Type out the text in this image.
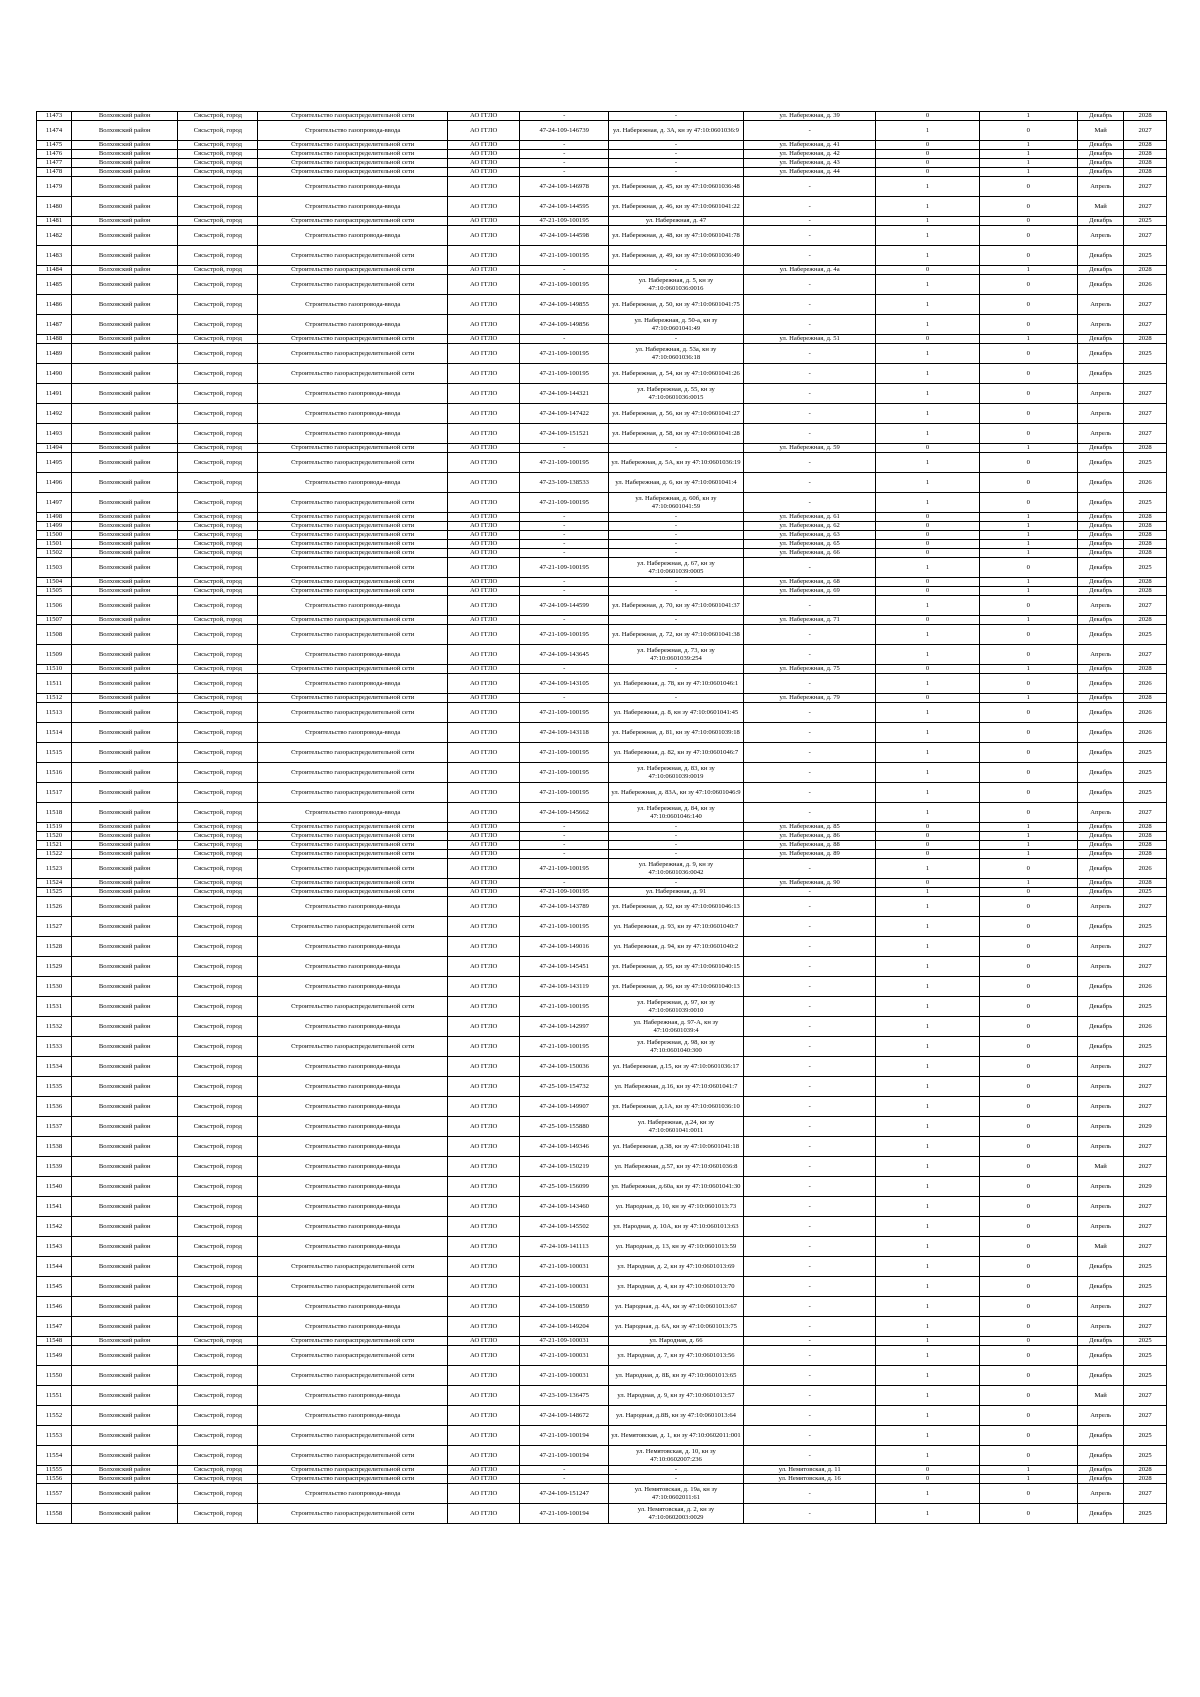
11473	Волховский район	Сясьстрой, город	Строительство газораспределительной сети	АО ГГЛО	-	-	ул. Набережная, д. 39	0	1	Декабрь	2028
11474	Волховский район	Сясьстрой, город	Строительство газопровода-ввода	АО ГГЛО	47-24-109-146739	ул. Набережная, д. 3А, кн зу 47:10:0601036:9	-	1	0	Май	2027
11475	Волховский район	Сясьстрой, город	Строительство газораспределительной сети	АО ГГЛО	-	-	ул. Набережная, д. 41	0	1	Декабрь	2028
11476	Волховский район	Сясьстрой, город	Строительство газораспределительной сети	АО ГГЛО	-	-	ул. Набережная, д. 42	0	1	Декабрь	2028
11477	Волховский район	Сясьстрой, город	Строительство газораспределительной сети	АО ГГЛО	-	-	ул. Набережная, д. 43	0	1	Декабрь	2028
11478	Волховский район	Сясьстрой, город	Строительство газораспределительной сети	АО ГГЛО	-	-	ул. Набережная, д. 44	0	1	Декабрь	2028
11479	Волховский район	Сясьстрой, город	Строительство газопровода-ввода	АО ГГЛО	47-24-109-146978	ул. Набережная, д. 45, кн зу 47:10:0601036:48	-	1	0	Апрель	2027
11480	Волховский район	Сясьстрой, город	Строительство газопровода-ввода	АО ГГЛО	47-24-109-144595	ул. Набережная, д. 46, кн зу 47:10:0601041:22	-	1	0	Май	2027
11481	Волховский район	Сясьстрой, город	Строительство газораспределительной сети	АО ГГЛО	47-21-109-100195	ул. Набережная, д. 47	-	1	0	Декабрь	2025
11482	Волховский район	Сясьстрой, город	Строительство газопровода-ввода	АО ГГЛО	47-24-109-144598	ул. Набережная, д. 48, кн зу 47:10:0601041:78	-	1	0	Апрель	2027
11483	Волховский район	Сясьстрой, город	Строительство газораспределительной сети	АО ГГЛО	47-21-109-100195	ул. Набережная, д. 49, кн зу 47:10:0601036:49	-	1	0	Декабрь	2025
11484	Волховский район	Сясьстрой, город	Строительство газораспределительной сети	АО ГГЛО	-	-	ул. Набережная, д. 4а	0	1	Декабрь	2028
11485	Волховский район	Сясьстрой, город	Строительство газораспределительной сети	АО ГГЛО	47-21-109-100195	ул. Набережная, д. 5, кн зу 47:10:0601036:0016	-	1	0	Декабрь	2026
11486	Волховский район	Сясьстрой, город	Строительство газопровода-ввода	АО ГГЛО	47-24-109-149855	ул. Набережная, д. 50, кн зу 47:10:0601041:75	-	1	0	Апрель	2027
11487	Волховский район	Сясьстрой, город	Строительство газопровода-ввода	АО ГГЛО	47-24-109-149856	ул. Набережная, д. 50-а, кн зу 47:10:0601041:49	-	1	0	Апрель	2027
11488	Волховский район	Сясьстрой, город	Строительство газораспределительной сети	АО ГГЛО	-	-	ул. Набережная, д. 51	0	1	Декабрь	2028
11489	Волховский район	Сясьстрой, город	Строительство газораспределительной сети	АО ГГЛО	47-21-109-100195	ул. Набережная, д. 53а, кн зу 47:10:0601036:18	-	1	0	Декабрь	2025
11490	Волховский район	Сясьстрой, город	Строительство газораспределительной сети	АО ГГЛО	47-21-109-100195	ул. Набережная, д. 54, кн зу 47:10:0601041:26	-	1	0	Декабрь	2025
11491	Волховский район	Сясьстрой, город	Строительство газопровода-ввода	АО ГГЛО	47-24-109-144321	ул. Набережная, д. 55, кн зу 47:10:0601036:0015	-	1	0	Апрель	2027
11492	Волховский район	Сясьстрой, город	Строительство газопровода-ввода	АО ГГЛО	47-24-109-147422	ул. Набережная, д. 56, кн зу 47:10:0601041:27	-	1	0	Апрель	2027
11493	Волховский район	Сясьстрой, город	Строительство газопровода-ввода	АО ГГЛО	47-24-109-151521	ул. Набережная, д. 58, кн зу 47:10:0601041:28	-	1	0	Апрель	2027
11494	Волховский район	Сясьстрой, город	Строительство газораспределительной сети	АО ГГЛО	-	-	ул. Набережная, д. 59	0	1	Декабрь	2028
11495	Волховский район	Сясьстрой, город	Строительство газораспределительной сети	АО ГГЛО	47-21-109-100195	ул. Набережная, д. 5А, кн зу 47:10:0601036:19	-	1	0	Декабрь	2025
11496	Волховский район	Сясьстрой, город	Строительство газопровода-ввода	АО ГГЛО	47-23-109-138533	ул. Набережная, д. 6, кн зу 47:10:0601041:4	-	1	0	Декабрь	2026
11497	Волховский район	Сясьстрой, город	Строительство газораспределительной сети	АО ГГЛО	47-21-109-100195	ул. Набережная, д. 60б, кн зу 47:10:0601041:59	-	1	0	Декабрь	2025
11498	Волховский район	Сясьстрой, город	Строительство газораспределительной сети	АО ГГЛО	-	-	ул. Набережная, д. 61	0	1	Декабрь	2028
11499	Волховский район	Сясьстрой, город	Строительство газораспределительной сети	АО ГГЛО	-	-	ул. Набережная, д. 62	0	1	Декабрь	2028
11500	Волховский район	Сясьстрой, город	Строительство газораспределительной сети	АО ГГЛО	-	-	ул. Набережная, д. 63	0	1	Декабрь	2028
11501	Волховский район	Сясьстрой, город	Строительство газораспределительной сети	АО ГГЛО	-	-	ул. Набережная, д. 65	0	1	Декабрь	2028
11502	Волховский район	Сясьстрой, город	Строительство газораспределительной сети	АО ГГЛО	-	-	ул. Набережная, д. 66	0	1	Декабрь	2028
11503	Волховский район	Сясьстрой, город	Строительство газораспределительной сети	АО ГГЛО	47-21-109-100195	ул. Набережная, д. 67, кн зу 47:10:0601039:0005	-	1	0	Декабрь	2025
11504	Волховский район	Сясьстрой, город	Строительство газораспределительной сети	АО ГГЛО	-	-	ул. Набережная, д. 68	0	1	Декабрь	2028
11505	Волховский район	Сясьстрой, город	Строительство газораспределительной сети	АО ГГЛО	-	-	ул. Набережная, д. 69	0	1	Декабрь	2028
11506	Волховский район	Сясьстрой, город	Строительство газопровода-ввода	АО ГГЛО	47-24-109-144599	ул. Набережная, д. 70, кн зу 47:10:0601041:37	-	1	0	Апрель	2027
11507	Волховский район	Сясьстрой, город	Строительство газораспределительной сети	АО ГГЛО	-	-	ул. Набережная, д. 71	0	1	Декабрь	2028
11508	Волховский район	Сясьстрой, город	Строительство газораспределительной сети	АО ГГЛО	47-21-109-100195	ул. Набережная, д. 72, кн зу 47:10:0601041:38	-	1	0	Декабрь	2025
11509	Волховский район	Сясьстрой, город	Строительство газопровода-ввода	АО ГГЛО	47-24-109-143645	ул. Набережная, д. 73, кн зу 47:10:0601039:254	-	1	0	Апрель	2027
11510	Волховский район	Сясьстрой, город	Строительство газораспределительной сети	АО ГГЛО	-	-	ул. Набережная, д. 75	0	1	Декабрь	2028
11511	Волховский район	Сясьстрой, город	Строительство газопровода-ввода	АО ГГЛО	47-24-109-143105	ул. Набережная, д. 78, кн зу 47:10:0601046:1	-	1	0	Декабрь	2026
11512	Волховский район	Сясьстрой, город	Строительство газораспределительной сети	АО ГГЛО	-	-	ул. Набережная, д. 79	0	1	Декабрь	2028
11513	Волховский район	Сясьстрой, город	Строительство газораспределительной сети	АО ГГЛО	47-21-109-100195	ул. Набережная, д. 8, кн зу 47:10:0601041:45	-	1	0	Декабрь	2026
11514	Волховский район	Сясьстрой, город	Строительство газопровода-ввода	АО ГГЛО	47-24-109-143118	ул. Набережная, д. 81, кн зу 47:10:0601039:18	-	1	0	Декабрь	2026
11515	Волховский район	Сясьстрой, город	Строительство газораспределительной сети	АО ГГЛО	47-21-109-100195	ул. Набережная, д. 82, кн зу 47:10:0601046:7	-	1	0	Декабрь	2025
11516	Волховский район	Сясьстрой, город	Строительство газораспределительной сети	АО ГГЛО	47-21-109-100195	ул. Набережная, д. 83, кн зу 47:10:0601039:0019	-	1	0	Декабрь	2025
11517	Волховский район	Сясьстрой, город	Строительство газораспределительной сети	АО ГГЛО	47-21-109-100195	ул. Набережная, д. 83А, кн зу 47:10:0601046:9	-	1	0	Декабрь	2025
11518	Волховский район	Сясьстрой, город	Строительство газопровода-ввода	АО ГГЛО	47-24-109-145662	ул. Набережная, д. 84, кн зу 47:10:0601046:140	-	1	0	Апрель	2027
11519	Волховский район	Сясьстрой, город	Строительство газораспределительной сети	АО ГГЛО	-	-	ул. Набережная, д. 85	0	1	Декабрь	2028
11520	Волховский район	Сясьстрой, город	Строительство газораспределительной сети	АО ГГЛО	-	-	ул. Набережная, д. 86	0	1	Декабрь	2028
11521	Волховский район	Сясьстрой, город	Строительство газораспределительной сети	АО ГГЛО	-	-	ул. Набережная, д. 88	0	1	Декабрь	2028
11522	Волховский район	Сясьстрой, город	Строительство газораспределительной сети	АО ГГЛО	-	-	ул. Набережная, д. 89	0	1	Декабрь	2028
11523	Волховский район	Сясьстрой, город	Строительство газораспределительной сети	АО ГГЛО	47-21-109-100195	ул. Набережная, д. 9, кн зу 47:10:0601036:0042	-	1	0	Декабрь	2026
11524	Волховский район	Сясьстрой, город	Строительство газораспределительной сети	АО ГГЛО	-	-	ул. Набережная, д. 90	0	1	Декабрь	2028
11525	Волховский район	Сясьстрой, город	Строительство газораспределительной сети	АО ГГЛО	47-21-109-100195	ул. Набережная, д. 91	-	1	0	Декабрь	2025
11526	Волховский район	Сясьстрой, город	Строительство газопровода-ввода	АО ГГЛО	47-24-109-143789	ул. Набережная, д. 92, кн зу 47:10:0601046:13	-	1	0	Апрель	2027
11527	Волховский район	Сясьстрой, город	Строительство газораспределительной сети	АО ГГЛО	47-21-109-100195	ул. Набережная, д. 93, кн зу 47:10:0601040:7	-	1	0	Декабрь	2025
11528	Волховский район	Сясьстрой, город	Строительство газопровода-ввода	АО ГГЛО	47-24-109-149016	ул. Набережная, д. 94, кн зу 47:10:0601040:2	-	1	0	Апрель	2027
11529	Волховский район	Сясьстрой, город	Строительство газопровода-ввода	АО ГГЛО	47-24-109-145451	ул. Набережная, д. 95, кн зу 47:10:0601040:15	-	1	0	Апрель	2027
11530	Волховский район	Сясьстрой, город	Строительство газопровода-ввода	АО ГГЛО	47-24-109-143119	ул. Набережная, д. 96, кн зу 47:10:0601040:13	-	1	0	Декабрь	2026
11531	Волховский район	Сясьстрой, город	Строительство газораспределительной сети	АО ГГЛО	47-21-109-100195	ул. Набережная, д. 97, кн зу 47:10:0601039:0010	-	1	0	Декабрь	2025
11532	Волховский район	Сясьстрой, город	Строительство газопровода-ввода	АО ГГЛО	47-24-109-142997	ул. Набережная, д. 97-А, кн зу 47:10:0601039:4	-	1	0	Декабрь	2026
11533	Волховский район	Сясьстрой, город	Строительство газораспределительной сети	АО ГГЛО	47-21-109-100195	ул. Набережная, д. 98, кн зу 47:10:0601040:300	-	1	0	Декабрь	2025
11534	Волховский район	Сясьстрой, город	Строительство газопровода-ввода	АО ГГЛО	47-24-109-150036	ул. Набережная, д.15, кн зу 47:10:0601036:17	-	1	0	Апрель	2027
11535	Волховский район	Сясьстрой, город	Строительство газопровода-ввода	АО ГГЛО	47-25-109-154732	ул. Набережная, д.16, кн зу 47:10:0601041:7	-	1	0	Апрель	2027
11536	Волховский район	Сясьстрой, город	Строительство газопровода-ввода	АО ГГЛО	47-24-109-149907	ул. Набережная, д.1А, кн зу 47:10:0601036:10	-	1	0	Апрель	2027
11537	Волховский район	Сясьстрой, город	Строительство газопровода-ввода	АО ГГЛО	47-25-109-155880	ул. Набережная, д.24, кн зу 47:10:0601041:0011	-	1	0	Апрель	2029
11538	Волховский район	Сясьстрой, город	Строительство газопровода-ввода	АО ГГЛО	47-24-109-149346	ул. Набережная, д.38, кн зу 47:10:0601041:18	-	1	0	Апрель	2027
11539	Волховский район	Сясьстрой, город	Строительство газопровода-ввода	АО ГГЛО	47-24-109-150219	ул. Набережная, д.57, кн зу 47:10:0601036:8	-	1	0	Май	2027
11540	Волховский район	Сясьстрой, город	Строительство газопровода-ввода	АО ГГЛО	47-25-109-156099	ул. Набережная, д.60а, кн зу 47:10:0601041:30	-	1	0	Апрель	2029
11541	Волховский район	Сясьстрой, город	Строительство газопровода-ввода	АО ГГЛО	47-24-109-143460	ул. Народная, д. 10, кн зу 47:10:0601013:73	-	1	0	Апрель	2027
11542	Волховский район	Сясьстрой, город	Строительство газопровода-ввода	АО ГГЛО	47-24-109-145502	ул. Народная, д. 10А, кн зу 47:10:0601013:63	-	1	0	Апрель	2027
11543	Волховский район	Сясьстрой, город	Строительство газопровода-ввода	АО ГГЛО	47-24-109-141113	ул. Народная, д. 13, кн зу 47:10:0601013:59	-	1	0	Май	2027
11544	Волховский район	Сясьстрой, город	Строительство газораспределительной сети	АО ГГЛО	47-21-109-100031	ул. Народная, д. 2, кн зу 47:10:0601013:69	-	1	0	Декабрь	2025
11545	Волховский район	Сясьстрой, город	Строительство газораспределительной сети	АО ГГЛО	47-21-109-100031	ул. Народная, д. 4, кн зу 47:10:0601013:70	-	1	0	Декабрь	2025
11546	Волховский район	Сясьстрой, город	Строительство газопровода-ввода	АО ГГЛО	47-24-109-150859	ул. Народная, д. 4А, кн зу 47:10:0601013:67	-	1	0	Апрель	2027
11547	Волховский район	Сясьстрой, город	Строительство газопровода-ввода	АО ГГЛО	47-24-109-149204	ул. Народная, д. 6А, кн зу 47:10:0601013:75	-	1	0	Апрель	2027
11548	Волховский район	Сясьстрой, город	Строительство газораспределительной сети	АО ГГЛО	47-21-109-100031	ул. Народная, д. 66	-	1	0	Декабрь	2025
11549	Волховский район	Сясьстрой, город	Строительство газораспределительной сети	АО ГГЛО	47-21-109-100031	ул. Народная, д. 7, кн зу 47:10:0601013:56	-	1	0	Декабрь	2025
11550	Волховский район	Сясьстрой, город	Строительство газораспределительной сети	АО ГГЛО	47-21-109-100031	ул. Народная, д. 8Б, кн зу 47:10:0601013:65	-	1	0	Декабрь	2025
11551	Волховский район	Сясьстрой, город	Строительство газопровода-ввода	АО ГГЛО	47-23-109-136475	ул. Народная, д. 9, кн зу 47:10:0601013:57	-	1	0	Май	2027
11552	Волховский район	Сясьстрой, город	Строительство газопровода-ввода	АО ГГЛО	47-24-109-148672	ул. Народная, д.8В, кн зу 47:10:0601013:64	-	1	0	Апрель	2027
11553	Волховский район	Сясьстрой, город	Строительство газораспределительной сети	АО ГГЛО	47-21-109-100194	ул. Немятовская, д. 1, кн зу 47:10:0602011:001	-	1	0	Декабрь	2025
11554	Волховский район	Сясьстрой, город	Строительство газораспределительной сети	АО ГГЛО	47-21-109-100194	ул. Немятовская, д. 10, кн зу 47:10:0602007:236	-	1	0	Декабрь	2025
11555	Волховский район	Сясьстрой, город	Строительство газораспределительной сети	АО ГГЛО	-	-	ул. Немятовская, д. 11	0	1	Декабрь	2028
11556	Волховский район	Сясьстрой, город	Строительство газораспределительной сети	АО ГГЛО	-	-	ул. Немятовская, д. 16	0	1	Декабрь	2028
11557	Волховский район	Сясьстрой, город	Строительство газопровода-ввода	АО ГГЛО	47-24-109-151247	ул. Немятовская, д. 19а, кн зу 47:10:0602011:61	-	1	0	Апрель	2027
11558	Волховский район	Сясьстрой, город	Строительство газораспределительной сети	АО ГГЛО	47-21-109-100194	ул. Немятовская, д. 2, кн зу 47:10:0602003:0029	-	1	0	Декабрь	2025
